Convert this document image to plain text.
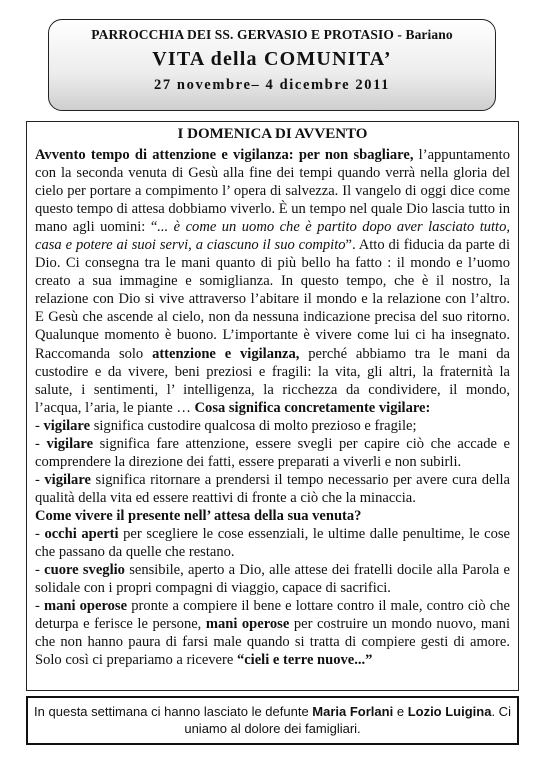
PARROCCHIA DEI SS. GERVASIO E PROTASIO - Bariano
VITA della COMUNITA’
27 novembre– 4 dicembre 2011
I DOMENICA DI AVVENTO

Avvento tempo di attenzione e vigilanza: per non sbagliare, l’appuntamento con la seconda venuta di Gesù alla fine dei tempi quando verrà nella gloria del cielo per portare a compimento l’ opera di salvezza. Il vangelo di oggi dice come questo tempo di attesa dobbiamo viverlo. È un tempo nel quale Dio lascia tutto in mano agli uomini: “... è come un uomo che è partito dopo aver lasciato tutto, casa e potere ai suoi servi, a ciascuno il suo compito”. Atto di fiducia da parte di Dio. Ci consegna tra le mani quanto di più bello ha fatto : il mondo e l’uomo creato a sua immagine e somiglianza. In questo tempo, che è il nostro, la relazione con Dio si vive attraverso l’abitare il mondo e la relazione con l’altro. E Gesù che ascende al cielo, non da nessuna indicazione precisa del suo ritorno. Qualunque momento è buono. L’importante è vivere come lui ci ha insegnato. Raccomanda solo attenzione e vigilanza, perché abbiamo tra le mani da custodire e da vivere, beni preziosi e fragili: la vita, gli altri, la fraternità la salute, i sentimenti, l’ intelligenza, la ricchezza da condividere, il mondo, l’acqua, l’aria, le piante … Cosa significa concretamente vigilare:

- vigilare significa custodire qualcosa di molto prezioso e fragile;

- vigilare significa fare attenzione, essere svegli per capire ciò che accade e comprendere la direzione dei fatti, essere preparati a viverli e non subirli.

- vigilare significa ritornare a prendersi il tempo necessario per avere cura della qualità della vita ed essere reattivi di fronte a ciò che la minaccia.

Come vivere il presente nell’ attesa della sua venuta?

- occhi aperti per scegliere le cose essenziali, le ultime dalle penultime, le cose che passano da quelle che restano.

- cuore sveglio sensibile, aperto a Dio, alle attese dei fratelli docile alla Parola e solidale con i propri compagni di viaggio, capace di sacrifici.

- mani operose pronte a compiere il bene e lottare contro il male, contro ciò che deturpa e ferisce le persone, mani operose per costruire un mondo nuovo, mani che non hanno paura di farsi male quando si tratta di compiere gesti di amore. Solo così ci prepariamo a ricevere “cieli e terre nuove...”

In questa settimana ci hanno lasciato le defunte Maria Forlani e Lozio Luigina. Ci uniamo al dolore dei famigliari.
